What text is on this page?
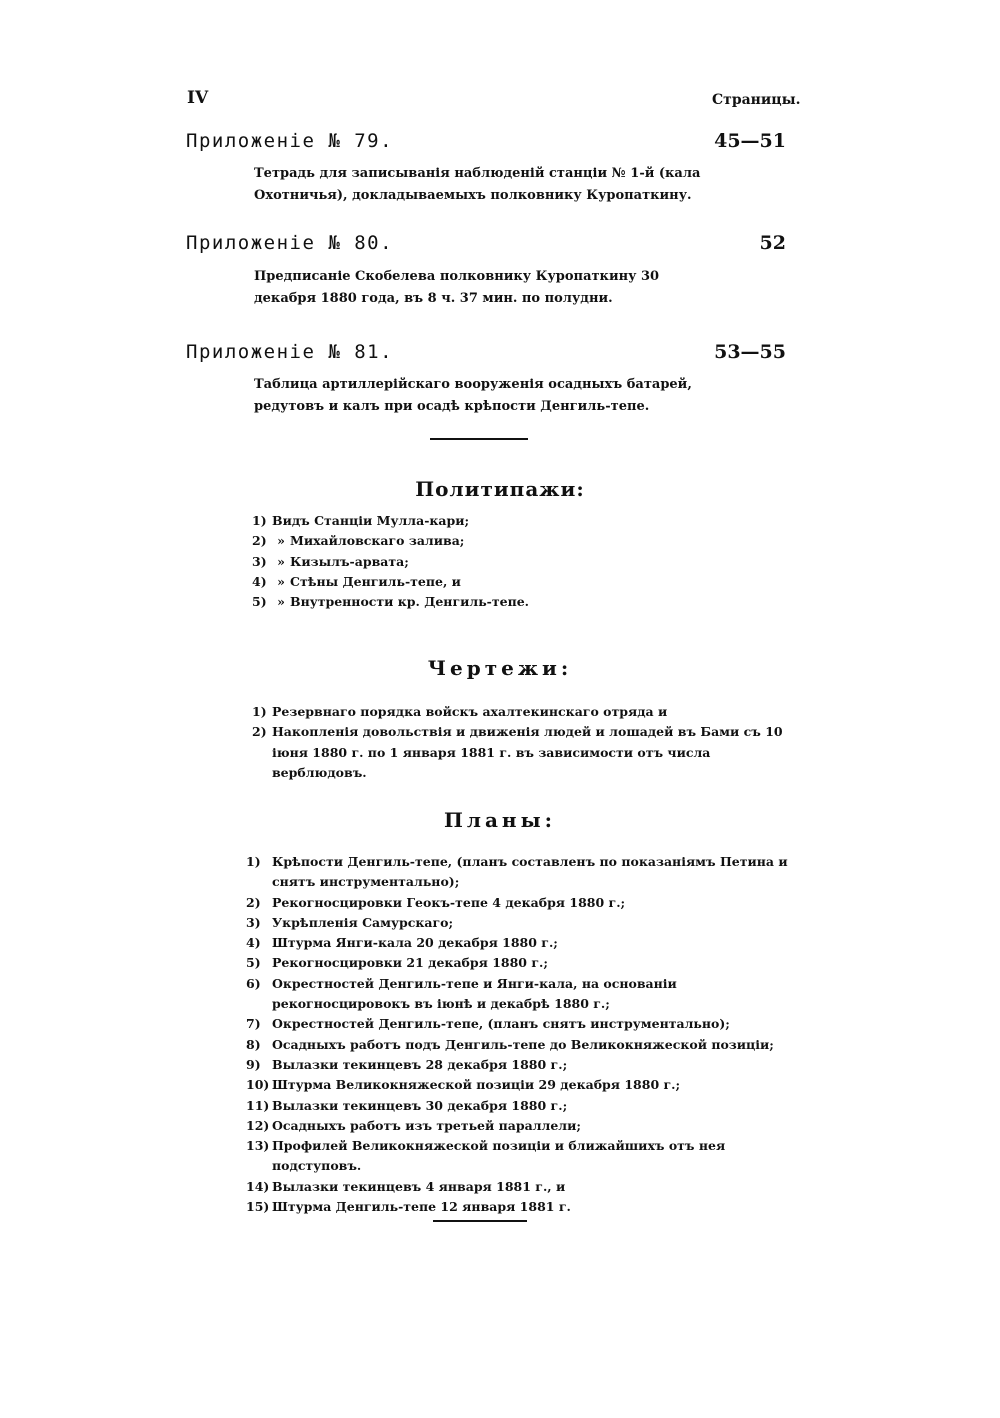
IV	Страницы.
Приложеніе № 79.	45—51
Тетрадь для записыванія наблюденій станціи № 1-й (кала Охотничья), докладываемыхъ полковнику Куропаткину.
Приложеніе № 80.	52
Предписаніе Скобелева полковнику Куропаткину 30 декабря 1880 года, въ 8 ч. 37 мин. по полудни.
Приложеніе № 81.	53—55
Таблица артиллерійскаго вооруженія осадныхъ батарей, редутовъ и калъ при осадѣ крѣпости Денгиль-тепе.
Политипажи:
1) Видъ Станціи Мулла-кари;
2) » Михайловскаго залива;
3) » Кизылъ-арвата;
4) » Стѣны Денгиль-тепе, и
5) » Внутренности кр. Денгиль-тепе.
Чертежи:
1) Резервнаго порядка войскъ ахалтекинскаго отряда и
2) Накопленія довольствія и движенія людей и лошадей въ Бами съ 10 іюня 1880 г. по 1 января 1881 г. въ зависимости отъ числа верблюдовъ.
Планы:
1) Крѣпости Денгиль-тепе, (планъ составленъ по показаніямъ Петина и снятъ инструментально);
2) Рекогносцировки Геокъ-тепе 4 декабря 1880 г.;
3) Укрѣпленія Самурскаго;
4) Штурма Янги-кала 20 декабря 1880 г.;
5) Рекогносцировки 21 декабря 1880 г.;
6) Окрестностей Денгиль-тепе и Янги-кала, на основаніи рекогносцировокъ въ іюнѣ и декабрѣ 1880 г.;
7) Окрестностей Денгиль-тепе, (планъ снятъ инструментально);
8) Осадныхъ работъ подъ Денгиль-тепе до Великокняжеской позиціи;
9) Вылазки текинцевъ 28 декабря 1880 г.;
10) Штурма Великокняжеской позиціи 29 декабря 1880 г.;
11) Вылазки текинцевъ 30 декабря 1880 г.;
12) Осадныхъ работъ изъ третьей параллели;
13) Профилей Великокняжеской позиціи и ближайшихъ отъ нея подступовъ.
14) Вылазки текинцевъ 4 января 1881 г., и
15) Штурма Денгиль-тепе 12 января 1881 г.
